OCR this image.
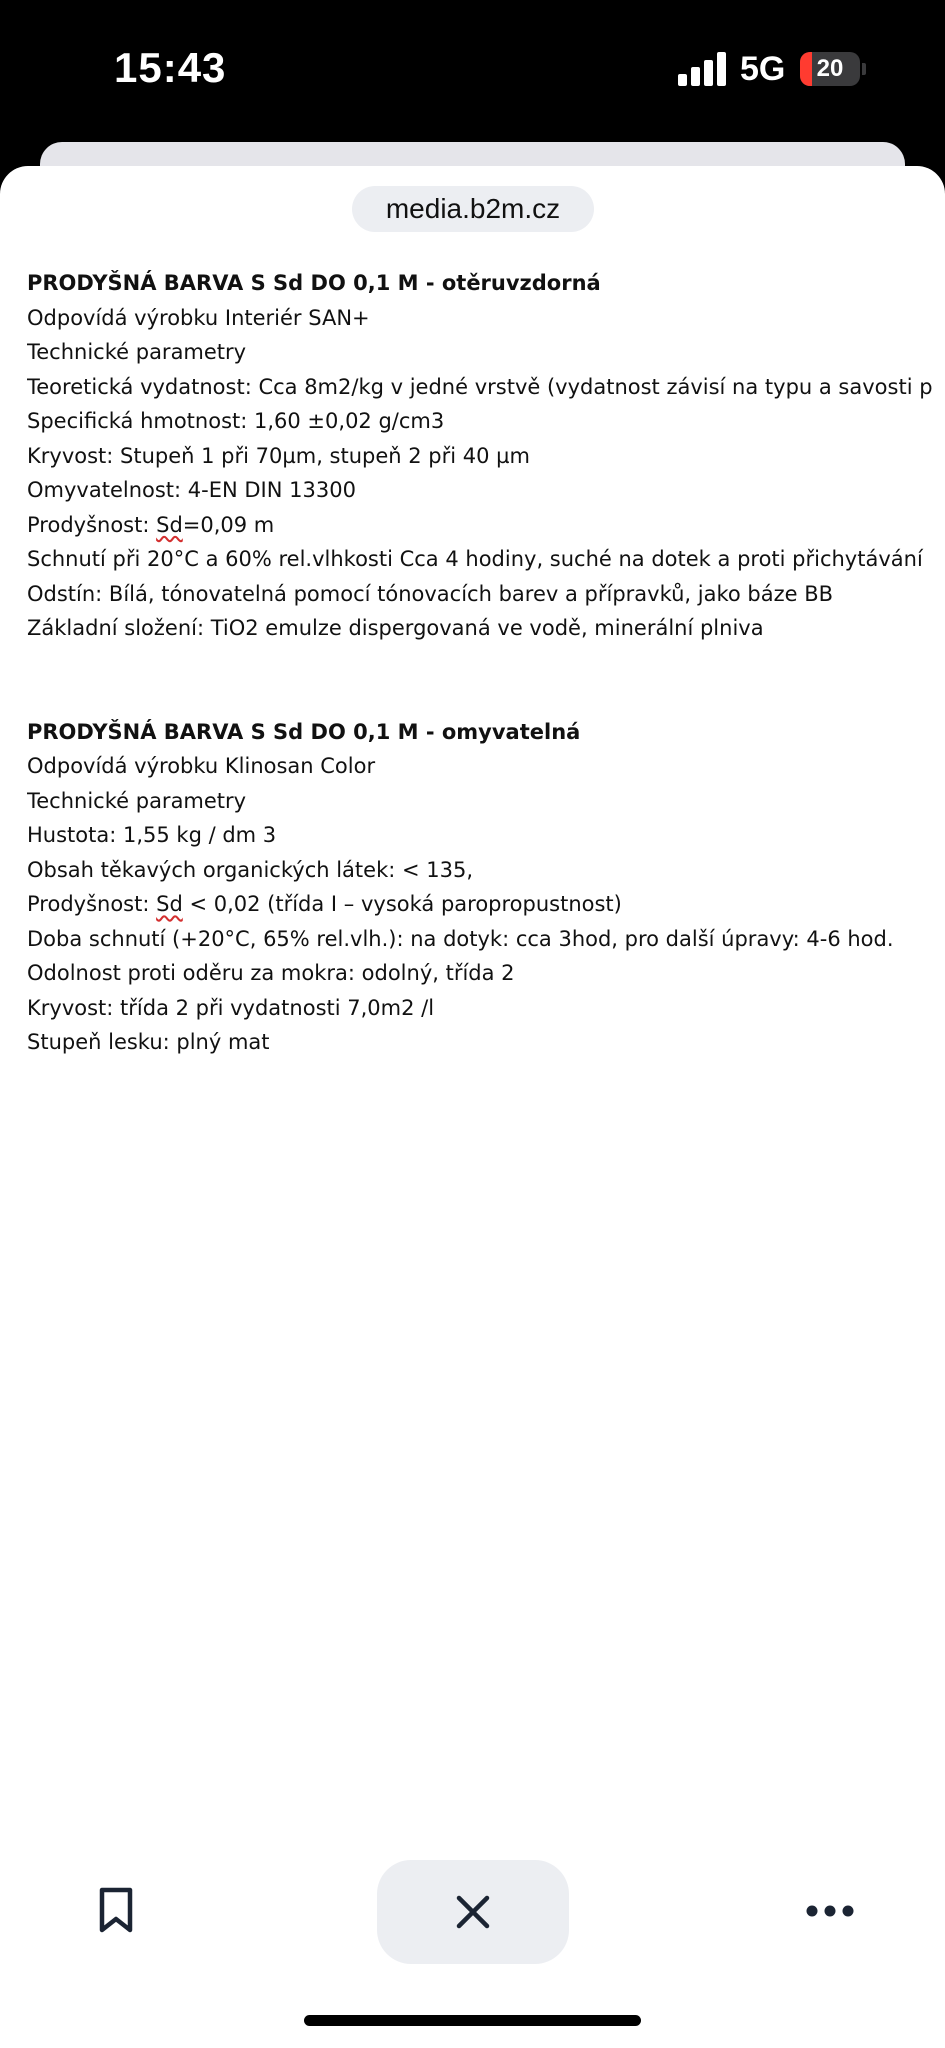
15:43	5G	20
media.b2m.cz
PRODYŠNÁ BARVA S Sd DO 0,1 M - otěruvzdorná
Odpovídá výrobku Interiér SAN+
Technické parametry
Teoretická vydatnost: Cca 8m2/kg v jedné vrstvě (vydatnost závisí na typu a savosti p
Specifická hmotnost: 1,60 ±0,02 g/cm3
Kryvost: Stupeň 1 při 70µm, stupeň 2 při 40 µm
Omyvatelnost: 4-EN DIN 13300
Prodyšnost: Sd=0,09 m
Schnutí při 20°C a 60% rel.vlhkosti Cca 4 hodiny, suché na dotek a proti přichytávání
Odstín: Bílá, tónovatelná pomocí tónovacích barev a přípravků, jako báze BB
Základní složení: TiO2 emulze dispergovaná ve vodě, minerální plniva
PRODYŠNÁ BARVA S Sd DO 0,1 M - omyvatelná
Odpovídá výrobku Klinosan Color
Technické parametry
Hustota: 1,55 kg / dm 3
Obsah těkavých organických látek: < 135,
Prodyšnost: Sd < 0,02 (třída I – vysoká paropropustnost)
Doba schnutí (+20°C, 65% rel.vlh.): na dotyk: cca 3hod, pro další úpravy: 4-6 hod.
Odolnost proti oděru za mokra: odolný, třída 2
Kryvost: třída 2 při vydatnosti 7,0m2 /l
Stupeň lesku: plný mat
